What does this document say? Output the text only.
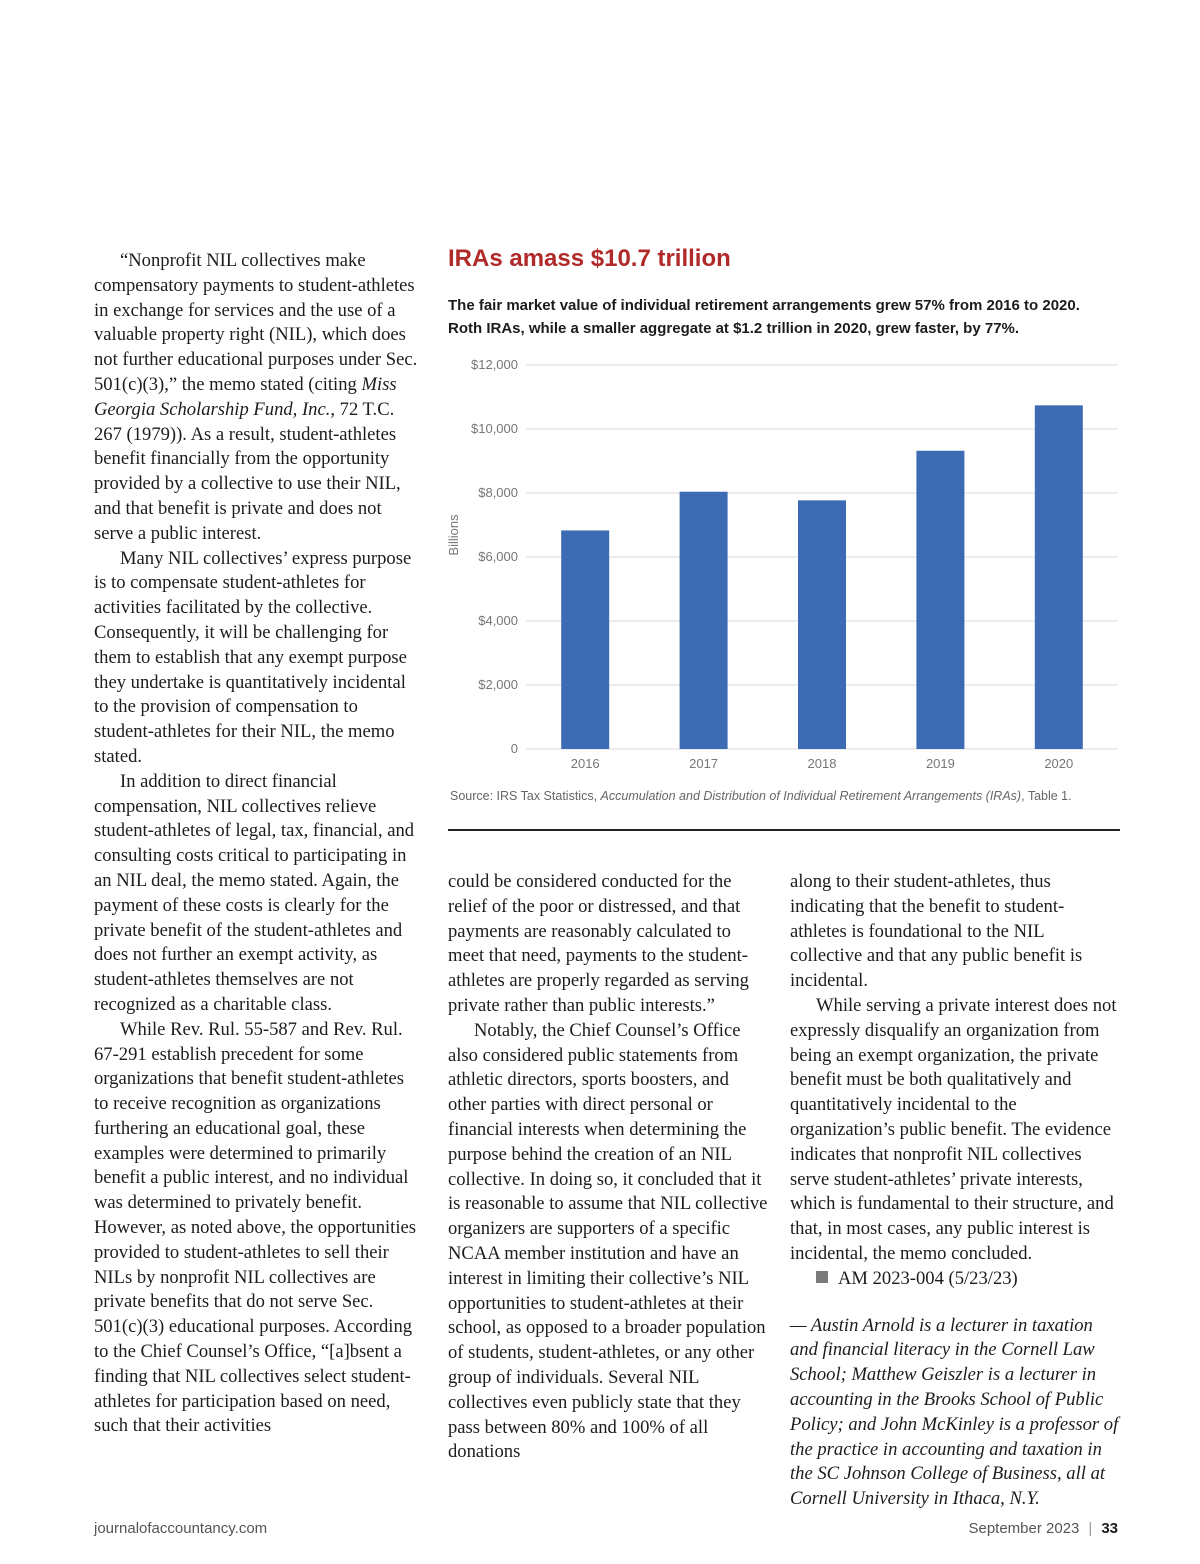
“Nonprofit NIL collectives make compensatory payments to student-athletes in exchange for services and the use of a valuable property right (NIL), which does not further educational purposes under Sec. 501(c)(3),” the memo stated (citing Miss Georgia Scholarship Fund, Inc., 72 T.C. 267 (1979)). As a result, student-athletes benefit financially from the opportunity provided by a collective to use their NIL, and that benefit is private and does not serve a public interest.

Many NIL collectives’ express purpose is to compensate student-athletes for activities facilitated by the collective. Consequently, it will be challenging for them to establish that any exempt purpose they undertake is quantitatively incidental to the provision of compensation to student-athletes for their NIL, the memo stated.

In addition to direct financial compensation, NIL collectives relieve student-athletes of legal, tax, financial, and consulting costs critical to participating in an NIL deal, the memo stated. Again, the payment of these costs is clearly for the private benefit of the student-athletes and does not further an exempt activity, as student-athletes themselves are not recognized as a charitable class.

While Rev. Rul. 55-587 and Rev. Rul. 67-291 establish precedent for some organizations that benefit student-athletes to receive recognition as organizations furthering an educational goal, these examples were determined to primarily benefit a public interest, and no individual was determined to privately benefit. However, as noted above, the opportunities provided to student-athletes to sell their NILs by nonprofit NIL collectives are private benefits that do not serve Sec. 501(c)(3) educational purposes. According to the Chief Counsel’s Office, “[a]bsent a finding that NIL collectives select student-athletes for participation based on need, such that their activities

IRAs amass $10.7 trillion
The fair market value of individual retirement arrangements grew 57% from 2016 to 2020.
Roth IRAs, while a smaller aggregate at $1.2 trillion in 2020, grew faster, by 77%.
0
$2,000
$4,000
$6,000
$8,000
$10,000
$12,000
2016	2017	2018	2019	2020
Billions
Source: IRS Tax Statistics, Accumulation and Distribution of Individual Retirement Arrangements (IRAs), Table 1.

could be considered conducted for the relief of the poor or distressed, and that payments are reasonably calculated to meet that need, payments to the student-athletes are properly regarded as serving private rather than public interests.”

Notably, the Chief Counsel’s Office also considered public statements from athletic directors, sports boosters, and other parties with direct personal or financial interests when determining the purpose behind the creation of an NIL collective. In doing so, it concluded that it is reasonable to assume that NIL collective organizers are supporters of a specific NCAA member institution and have an interest in limiting their collective’s NIL opportunities to student-athletes at their school, as opposed to a broader population of students, student-athletes, or any other group of individuals. Several NIL collectives even publicly state that they pass between 80% and 100% of all donations

along to their student-athletes, thus indicating that the benefit to student-athletes is foundational to the NIL collective and that any public benefit is incidental.

While serving a private interest does not expressly disqualify an organization from being an exempt organization, the private benefit must be both qualitatively and quantitatively incidental to the organization’s public benefit. The evidence indicates that nonprofit NIL collectives serve student-athletes’ private interests, which is fundamental to their structure, and that, in most cases, any public interest is incidental, the memo concluded.

AM 2023-004 (5/23/23)

— Austin Arnold is a lecturer in taxation and financial literacy in the Cornell Law School; Matthew Geiszler is a lecturer in accounting in the Brooks School of Public Policy; and John McKinley is a professor of the practice in accounting and taxation in the SC Johnson College of Business, all at Cornell University in Ithaca, N.Y.

journalofaccountancy.com	September 2023 | 33
